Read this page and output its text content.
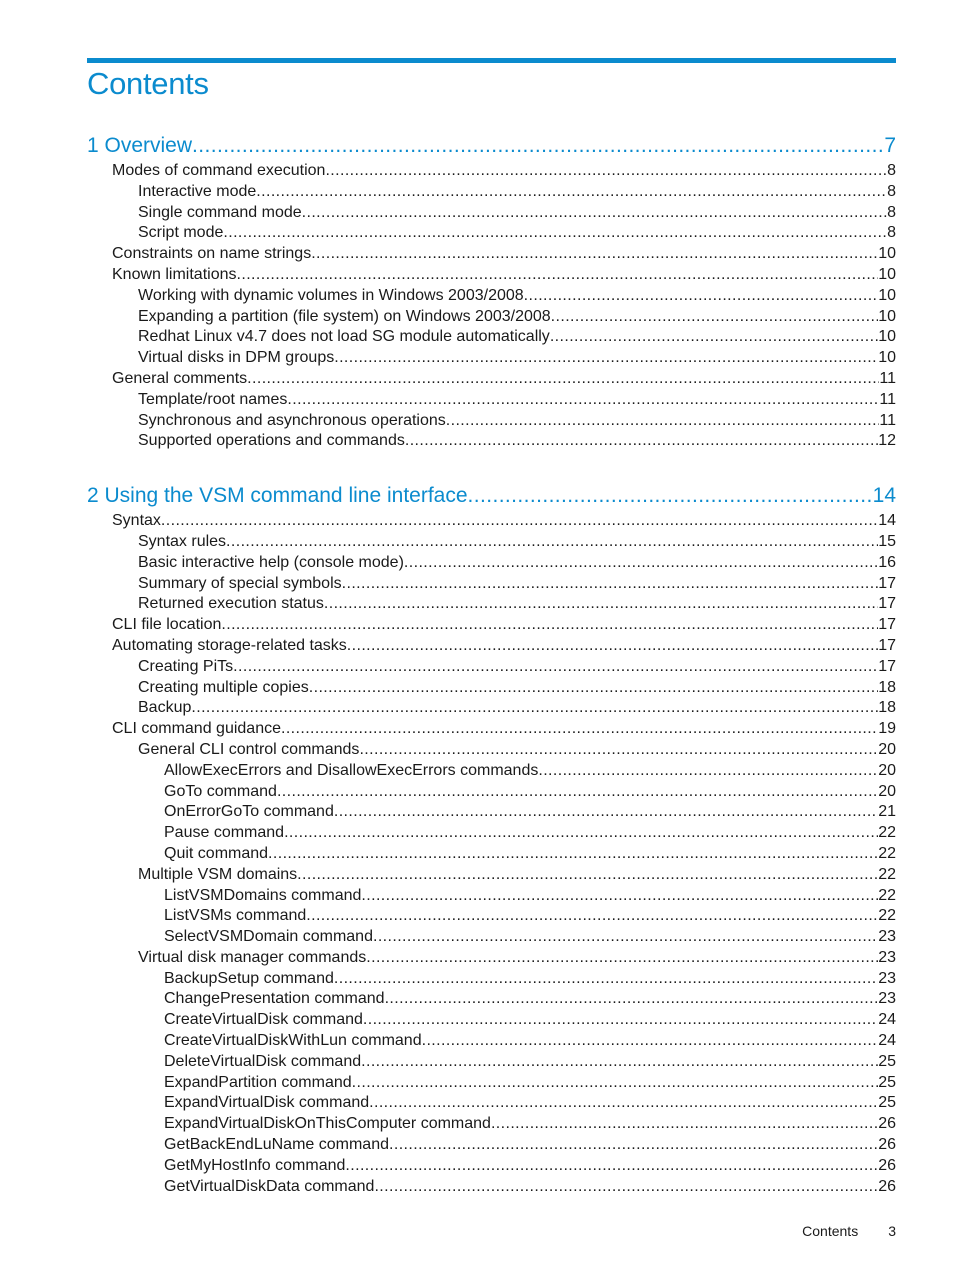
Contents
1 Overview .....	7
Modes of command execution .....	8
Interactive mode .....	8
Single command mode .....	8
Script mode .....	8
Constraints on name strings .....	10
Known limitations .....	10
Working with dynamic volumes in Windows 2003/2008 .....	10
Expanding a partition (file system) on Windows 2003/2008 .....	10
Redhat Linux v4.7 does not load SG module automatically .....	10
Virtual disks in DPM groups .....	10
General comments .....	11
Template/root names .....	11
Synchronous and asynchronous operations .....	11
Supported operations and commands .....	12
2 Using the VSM command line interface .....	14
Syntax .....	14
Syntax rules .....	15
Basic interactive help (console mode) .....	16
Summary of special symbols .....	17
Returned execution status .....	17
CLI file location .....	17
Automating storage-related tasks .....	17
Creating PiTs .....	17
Creating multiple copies .....	18
Backup .....	18
CLI command guidance .....	19
General CLI control commands .....	20
AllowExecErrors and DisallowExecErrors commands .....	20
GoTo command .....	20
OnErrorGoTo command .....	21
Pause command .....	22
Quit command .....	22
Multiple VSM domains .....	22
ListVSMDomains command .....	22
ListVSMs command .....	22
SelectVSMDomain command .....	23
Virtual disk manager commands .....	23
BackupSetup command .....	23
ChangePresentation command .....	23
CreateVirtualDisk command .....	24
CreateVirtualDiskWithLun command .....	24
DeleteVirtualDisk command .....	25
ExpandPartition command .....	25
ExpandVirtualDisk command .....	25
ExpandVirtualDiskOnThisComputer command .....	26
GetBackEndLuName command .....	26
GetMyHostInfo command .....	26
GetVirtualDiskData command .....	26
Contents 3
